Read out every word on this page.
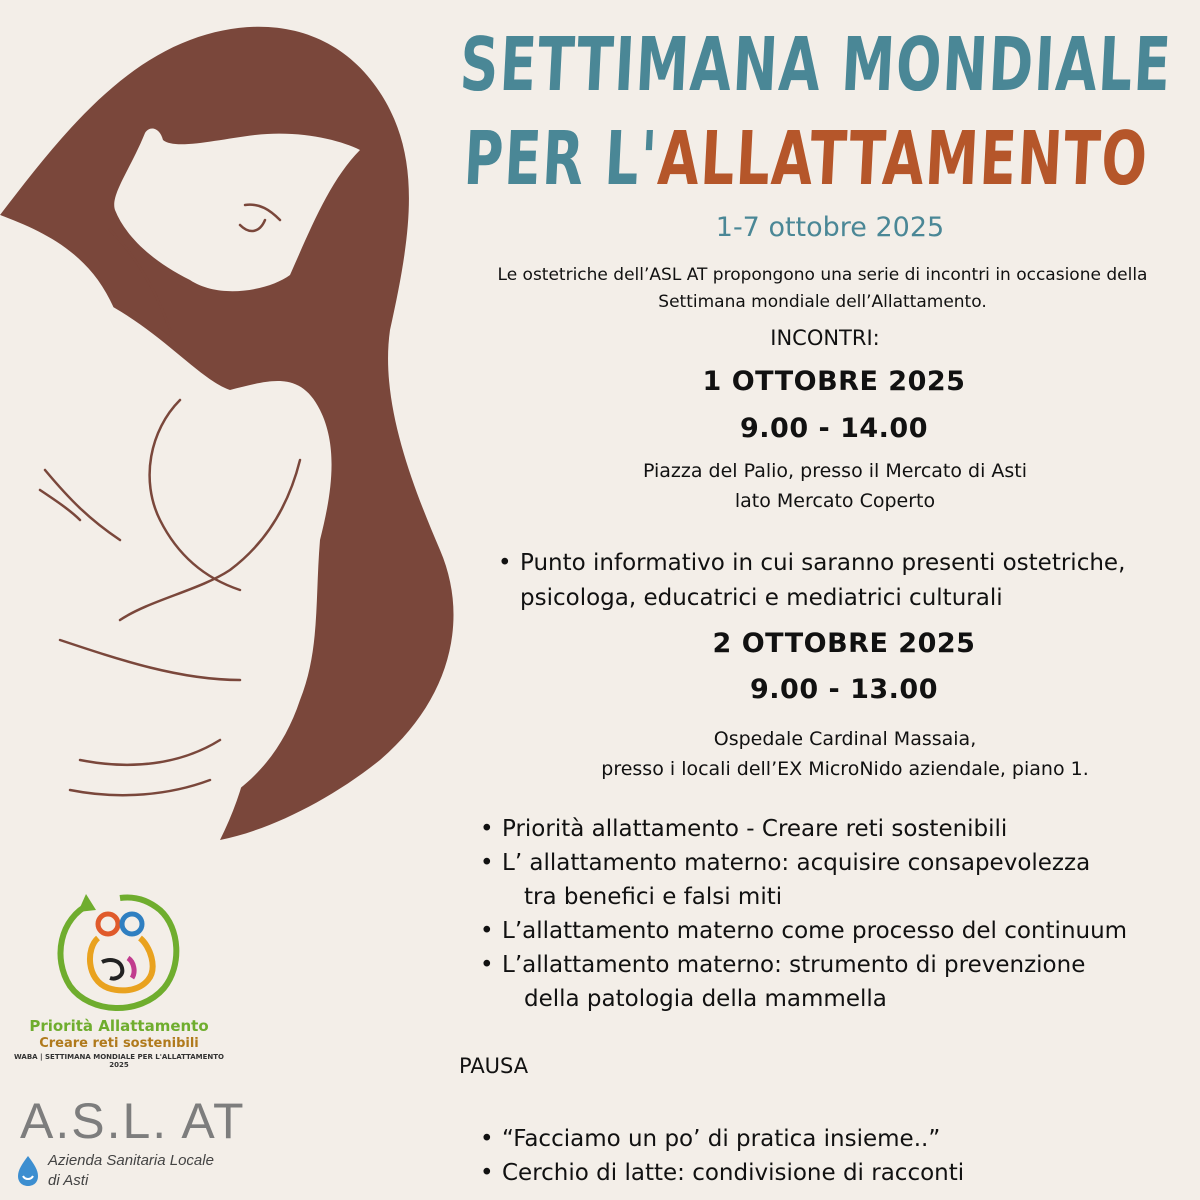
SETTIMANA MONDIALE
PER L'ALLATTAMENTO
1-7 ottobre 2025
Le ostetriche dell’ASL AT propongono una serie di incontri in occasione della
Settimana mondiale dell’Allattamento.
INCONTRI:
1 OTTOBRE 2025
9.00 - 14.00
Piazza del Palio, presso il Mercato di Asti
lato Mercato Coperto
• Punto informativo in cui saranno presenti ostetriche,
psicologa, educatrici e mediatrici culturali
2 OTTOBRE 2025
9.00 - 13.00
Ospedale Cardinal Massaia,
presso i locali dell’EX MicroNido aziendale, piano 1.
• Priorità allattamento - Creare reti sostenibili
• L’ allattamento materno: acquisire consapevolezza
tra benefici e falsi miti
• L’allattamento materno come processo del continuum
• L’allattamento materno: strumento di prevenzione
della patologia della mammella
PAUSA
• “Facciamo un po’ di pratica insieme..”
• Cerchio di latte: condivisione di racconti
Priorità Allattamento
Creare reti sostenibili
WABA | SETTIMANA MONDIALE PER L'ALLATTAMENTO 2025
A.S.L. AT
Azienda Sanitaria Locale
di Asti
